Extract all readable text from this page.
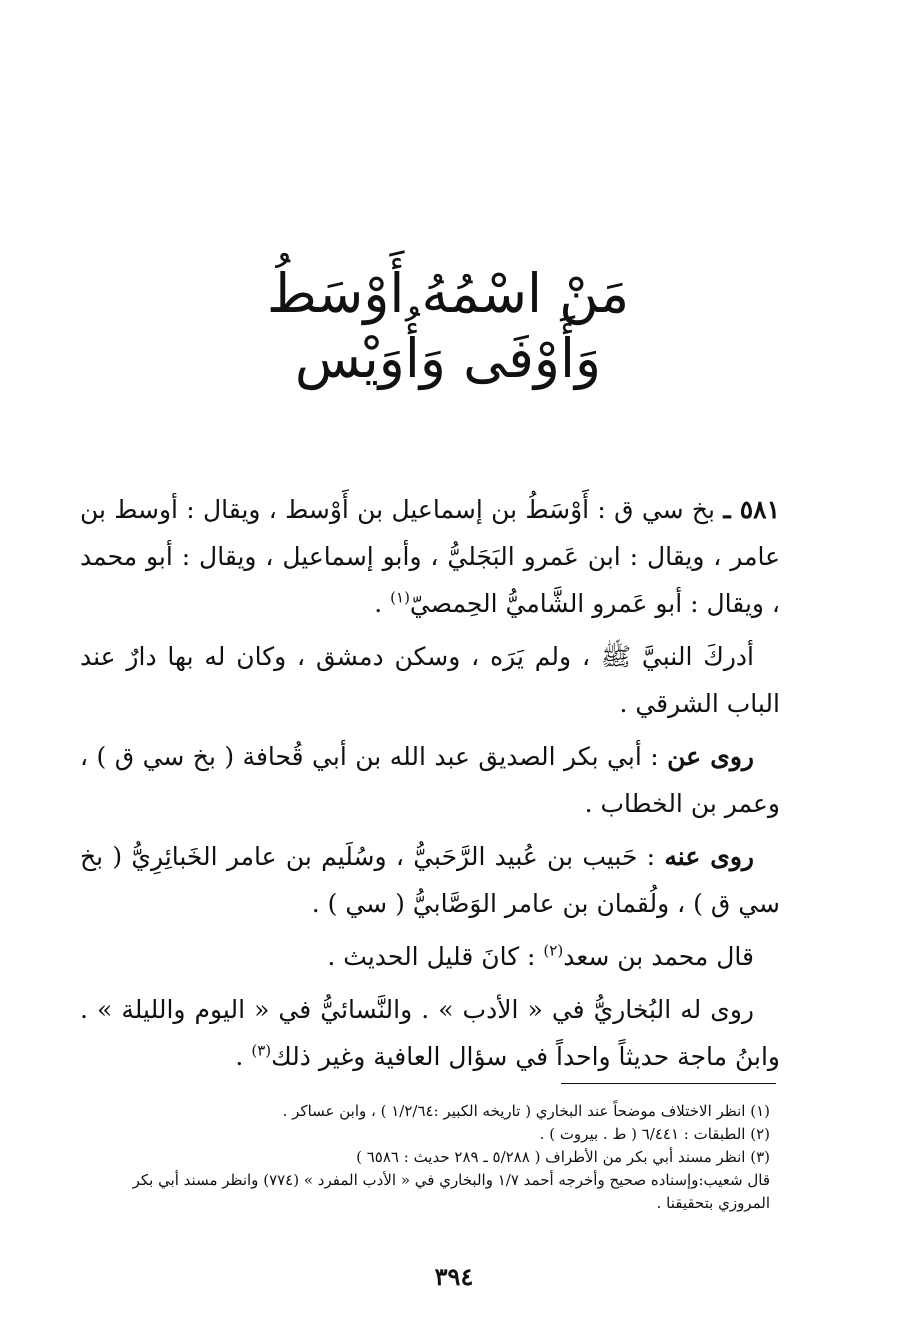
مَنْ اسْمُهُ أَوْسَطُ وَأَوْفَى وَأُوَيْس

٥٨١ ـ بخ سي ق : أَوْسَطُ بن إسماعيل بن أَوْسط ، ويقال : أوسط بن عامر ، ويقال : ابن عَمرو البَجَليُّ ، وأبو إسماعيل ، ويقال : أبو محمد ، ويقال : أبو عَمرو الشَّاميُّ الحِمصيّ$^{(١)}$ .

أدركَ النبيَّ ﷺ ، ولم يَرَه ، وسكن دمشق ، وكان له بها دارٌ عند الباب الشرقي .

روى عن : أبي بكر الصديق عبد الله بن أبي قُحافة ( بخ سي ق ) ، وعمر بن الخطاب .

روى عنه : حَبيب بن عُبيد الرَّحَبيُّ ، وسُلَيم بن عامر الخَبائِرِيُّ ( بخ سي ق ) ، ولُقمان بن عامر الوَصَّابيُّ ( سي ) .

قال محمد بن سعد$^{(٢)}$ : كانَ قليل الحديث .

روى له البُخاريُّ في « الأدب » . والنَّسائيُّ في « اليوم والليلة » . وابنُ ماجة حديثاً واحداً في سؤال العافية وغير ذلك$^{(٣)}$ .

(١) انظر الاختلاف موضحاً عند البخاري ( تاريخه الكبير :١/٢/٦٤ ) ، وابن عساكر .
(٢) الطبقات : ٦/٤٤١ ( ط . بيروت ) .
(٣) انظر مسند أبي بكر من الأطراف ( ٥/٢٨٨ ـ ٢٨٩ حديث : ٦٥٨٦ )
قال شعيب:وإسناده صحيح وأخرجه أحمد ١/٧ والبخاري في « الأدب المفرد » (٧٧٤) وانظر مسند أبي بكر المروزي بتحقيقنا .
٣٩٤
